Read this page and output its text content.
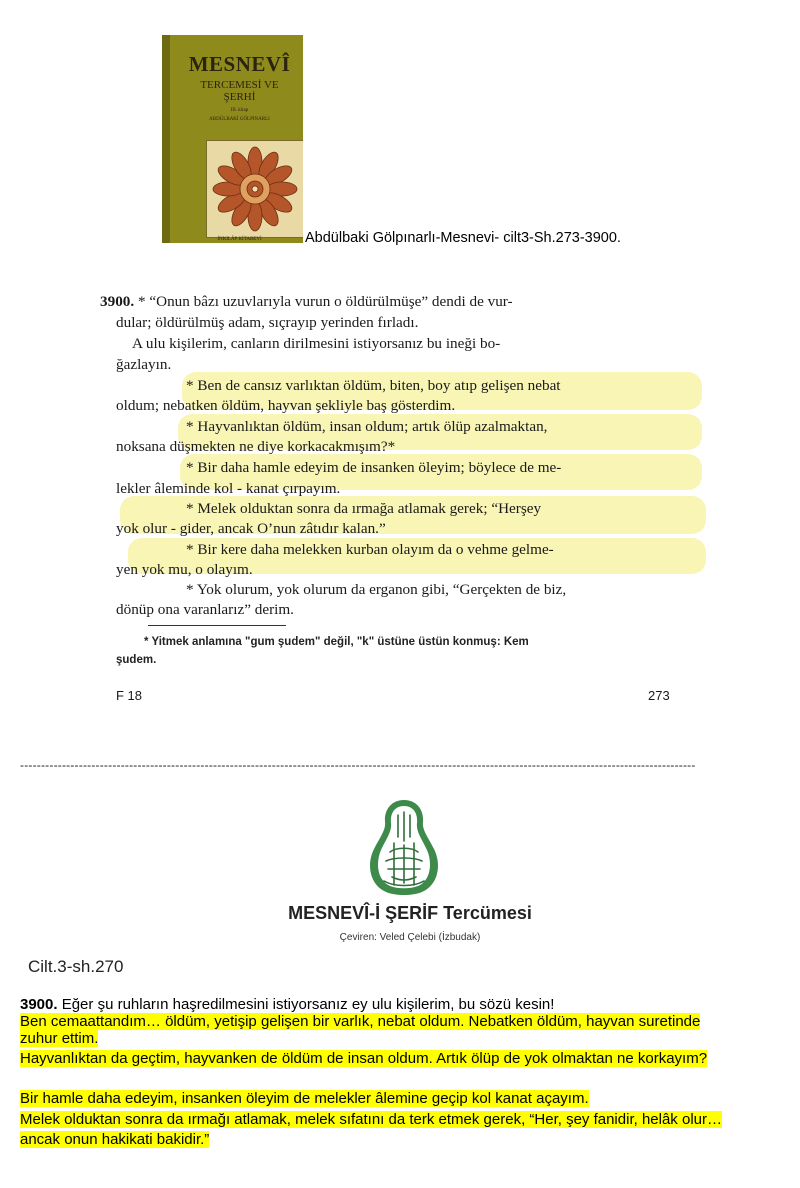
MESNEVÎ
TERCEMESİ VE
ŞERHİ
III. kitap
ABDÜLBAKİ GÖLPINARLI
İNKILÂP KİTABEVİ	Abdülbaki Gölpınarlı-Mesnevi- cilt3-Sh.273-3900.
3900. * “Onun bâzı uzuvlarıyla vurun o öldürülmüşe” dendi de vur-
dular; öldürülmüş adam, sıçrayıp yerinden fırladı.
A ulu kişilerim, canların dirilmesini istiyorsanız bu ineği bo-
ğazlayın.
* Ben de cansız varlıktan öldüm, biten, boy atıp gelişen nebat
oldum; nebatken öldüm, hayvan şekliyle baş gösterdim.
* Hayvanlıktan öldüm, insan oldum; artık ölüp azalmaktan,
noksana düşmekten ne diye korkacakmışım?*
* Bir daha hamle edeyim de insanken öleyim; böylece de me-
lekler âleminde kol - kanat çırpayım.
* Melek olduktan sonra da ırmağa atlamak gerek; “Herşey
yok olur - gider, ancak O’nun zâtıdır kalan.”
* Bir kere daha melekken kurban olayım da o vehme gelme-
yen yok mu, o olayım.
* Yok olurum, yok olurum da erganon gibi, “Gerçekten de biz,
dönüp ona varanlarız” derim.
* Yitmek anlamına "gum şudem" değil, "k" üstüne üstün konmuş: Kem
şudem.
F 18	273
-----------------------------------------------------------------------------------------------------------------------------------------------------------------
MESNEVÎ-İ ŞERİF Tercümesi
Çeviren: Veled Çelebi (İzbudak)
Cilt.3-sh.270
3900. Eğer şu ruhların haşredilmesini istiyorsanız ey ulu kişilerim, bu sözü kesin!
Ben cemaattandım… öldüm, yetişip gelişen bir varlık, nebat oldum. Nebatken öldüm, hayvan suretinde
zuhur ettim.
Hayvanlıktan da geçtim, hayvanken de öldüm de insan oldum. Artık ölüp de yok olmaktan ne korkayım?
Bir hamle daha edeyim, insanken öleyim de melekler âlemine geçip kol kanat açayım.
Melek olduktan sonra da ırmağı atlamak, melek sıfatını da terk etmek gerek, “Her, şey fanidir, helâk olur…
ancak onun hakikati bakidir.”
